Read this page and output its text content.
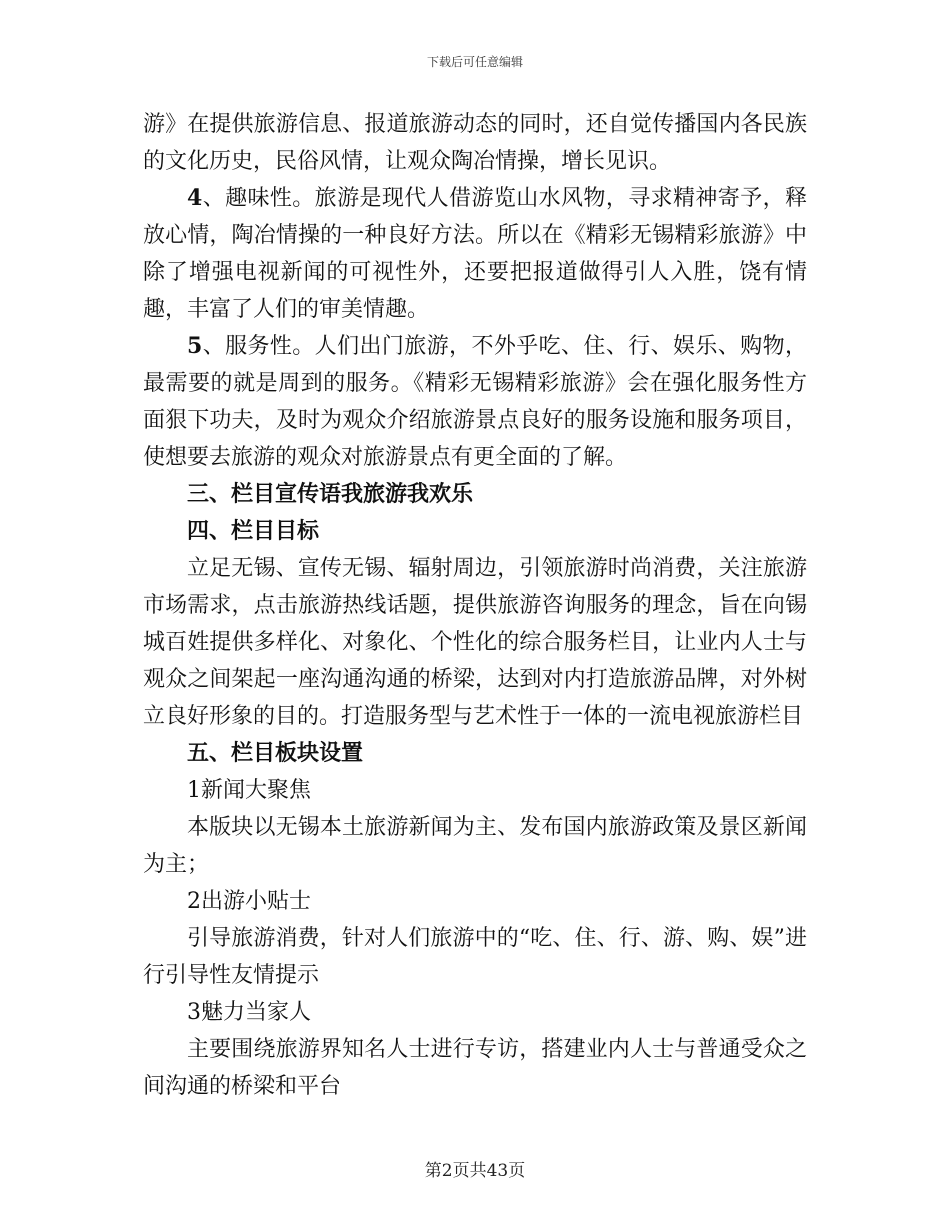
下载后可任意编辑

游》在提供旅游信息、报道旅游动态的同时，还自觉传播国内各民族的文化历史，民俗风情，让观众陶冶情操，增长见识。

4、趣味性。旅游是现代人借游览山水风物，寻求精神寄予，释放心情，陶冶情操的一种良好方法。所以在《精彩无锡精彩旅游》中除了增强电视新闻的可视性外，还要把报道做得引人入胜，饶有情趣，丰富了人们的审美情趣。

5、服务性。人们出门旅游，不外乎吃、住、行、娱乐、购物，最需要的就是周到的服务。《精彩无锡精彩旅游》会在强化服务性方面狠下功夫，及时为观众介绍旅游景点良好的服务设施和服务项目，使想要去旅游的观众对旅游景点有更全面的了解。

三、栏目宣传语我旅游我欢乐

四、栏目目标

立足无锡、宣传无锡、辐射周边，引领旅游时尚消费，关注旅游市场需求，点击旅游热线话题，提供旅游咨询服务的理念，旨在向锡城百姓提供多样化、对象化、个性化的综合服务栏目，让业内人士与观众之间架起一座沟通沟通的桥梁，达到对内打造旅游品牌，对外树立良好形象的目的。打造服务型与艺术性于一体的一流电视旅游栏目

五、栏目板块设置

1新闻大聚焦

本版块以无锡本土旅游新闻为主、发布国内旅游政策及景区新闻为主；

2出游小贴士

引导旅游消费，针对人们旅游中的“吃、住、行、游、购、娱”进行引导性友情提示

3魅力当家人

主要围绕旅游界知名人士进行专访，搭建业内人士与普通受众之间沟通的桥梁和平台

第2页共43页
